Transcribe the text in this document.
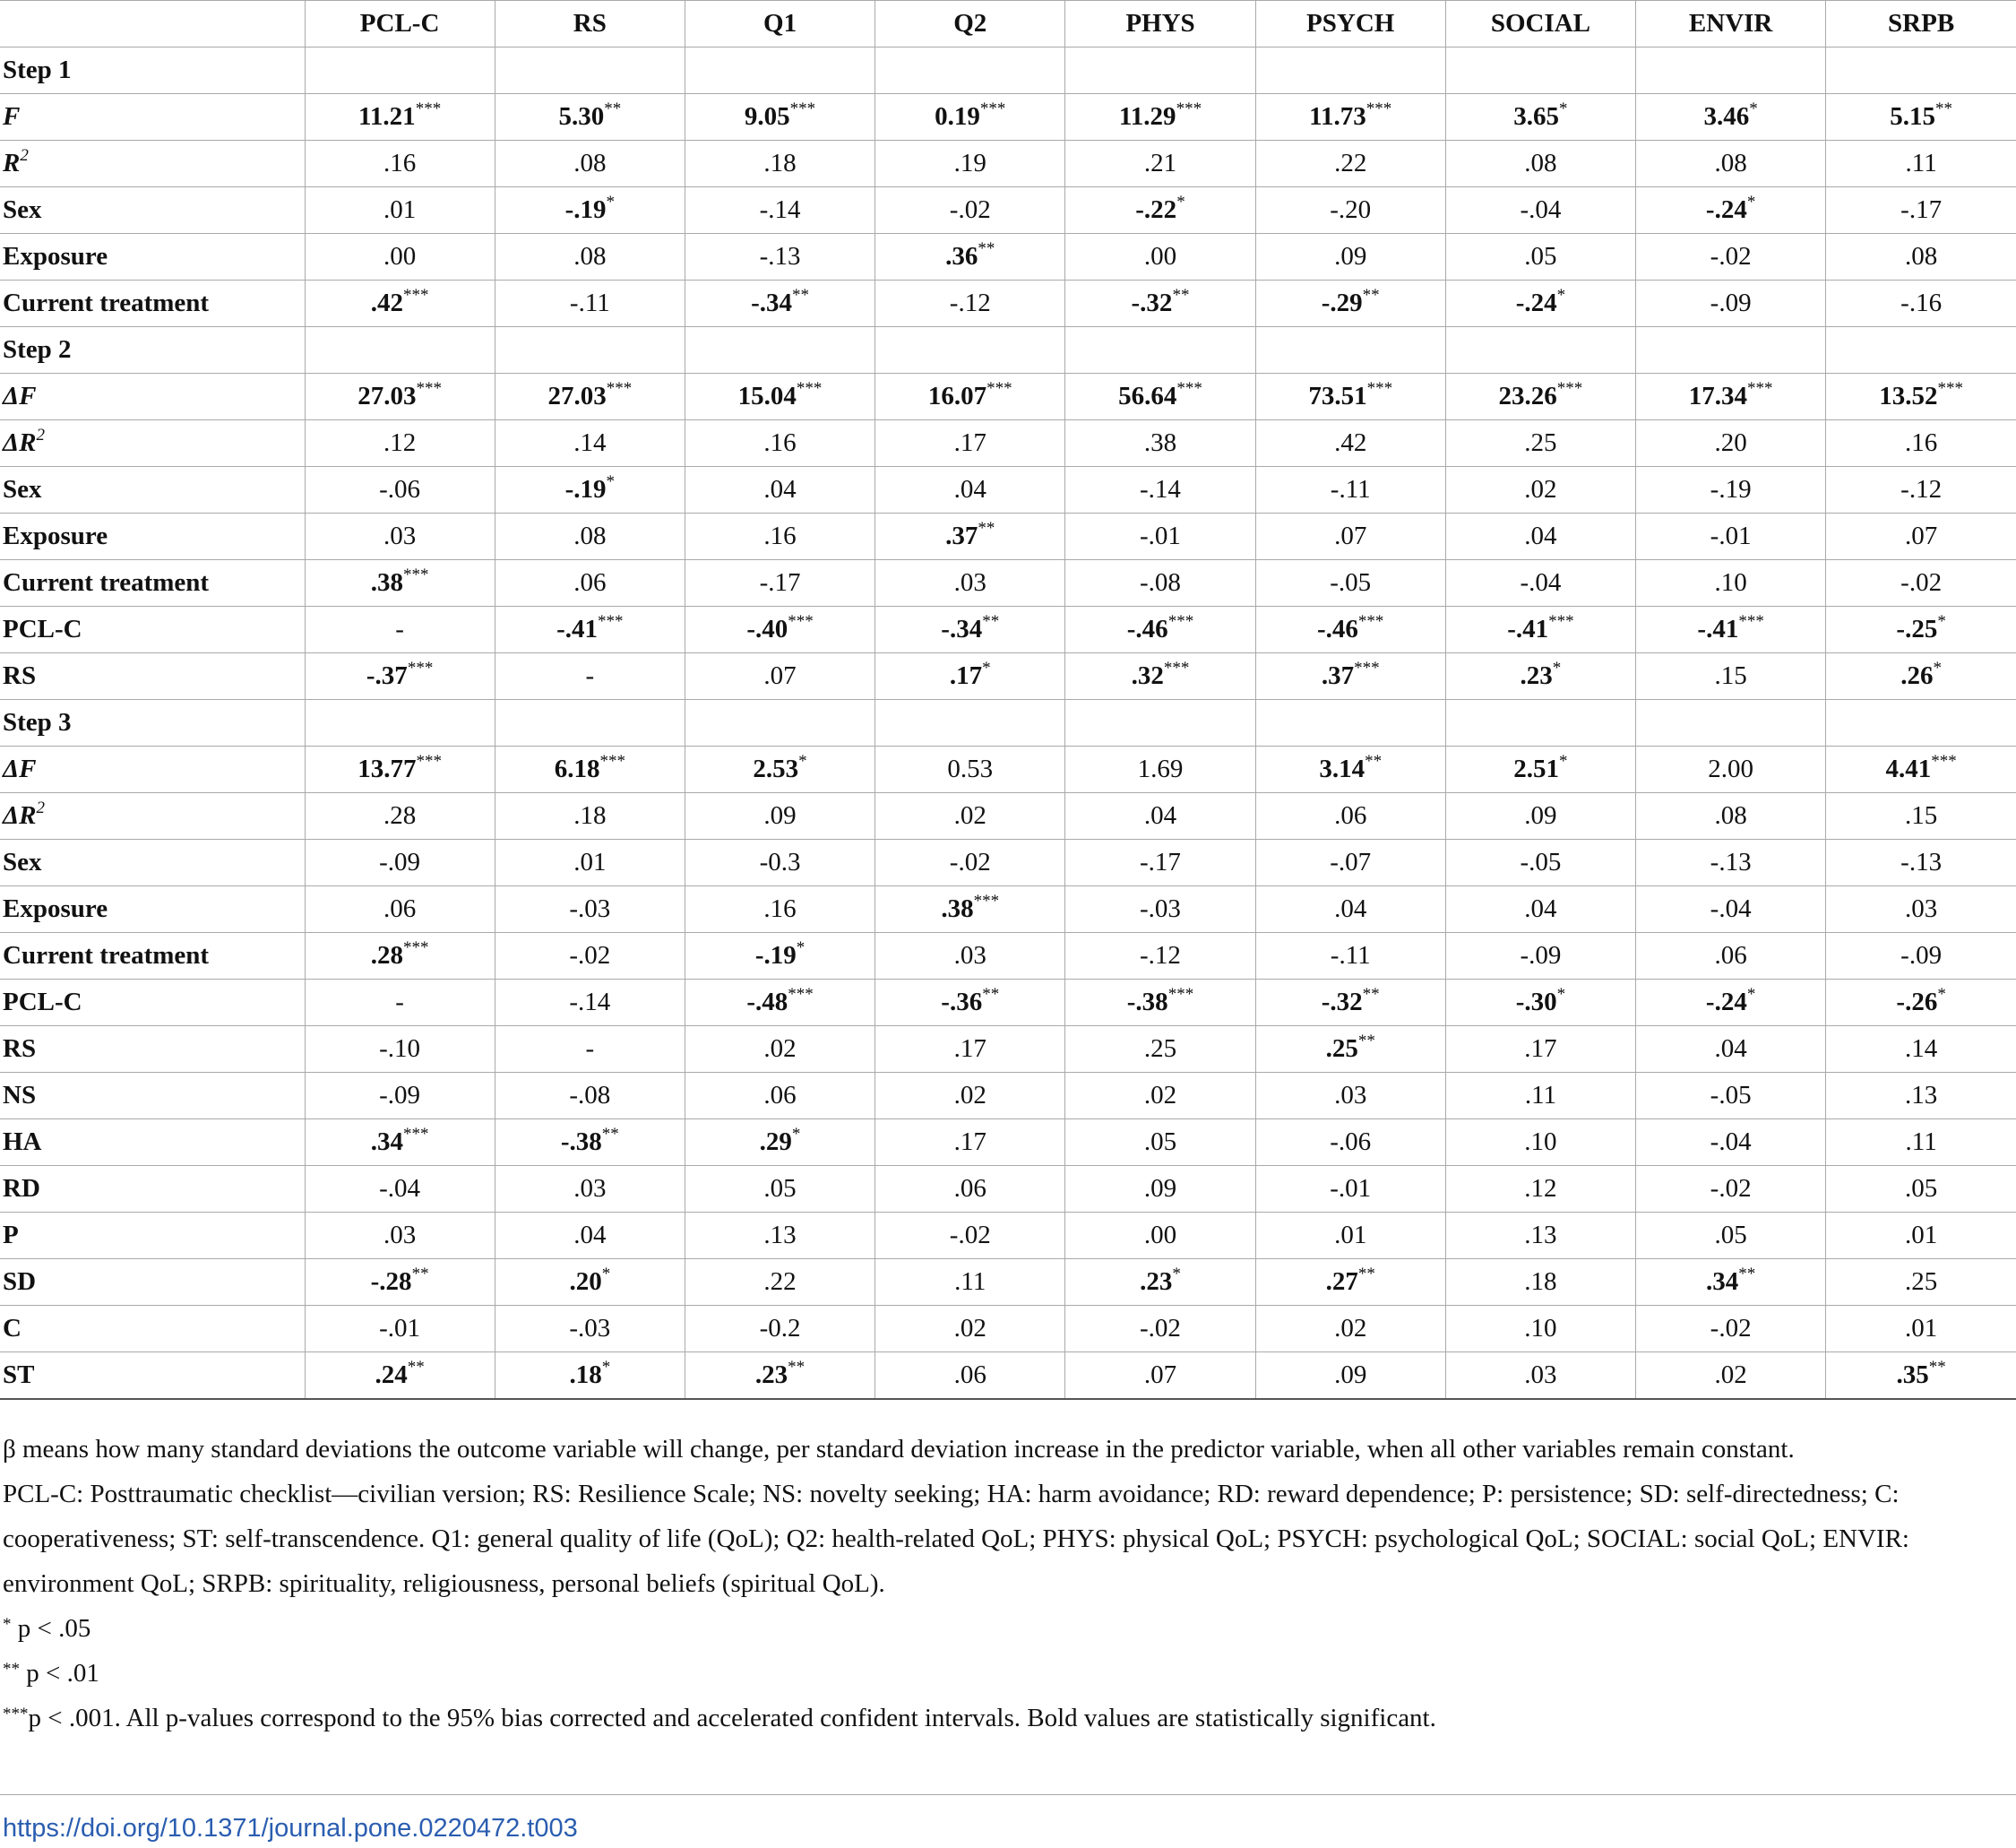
	PCL-C	RS	Q1	Q2	PHYS	PSYCH	SOCIAL	ENVIR	SRPB
Step 1									
F	11.21***	5.30**	9.05***	0.19***	11.29***	11.73***	3.65*	3.46*	5.15**
$R^2$	.16	.08	.18	.19	.21	.22	.08	.08	.11
Sex	.01	-.19*	-.14	-.02	-.22*	-.20	-.04	-.24*	-.17
Exposure	.00	.08	-.13	.36**	.00	.09	.05	-.02	.08
Current treatment	.42***	-.11	-.34**	-.12	-.32**	-.29**	-.24*	-.09	-.16
Step 2									
ΔF	27.03***	27.03***	15.04***	16.07***	56.64***	73.51***	23.26***	17.34***	13.52***
$\Delta R^2$	.12	.14	.16	.17	.38	.42	.25	.20	.16
Sex	-.06	-.19*	.04	.04	-.14	-.11	.02	-.19	-.12
Exposure	.03	.08	.16	.37**	-.01	.07	.04	-.01	.07
Current treatment	.38***	.06	-.17	.03	-.08	-.05	-.04	.10	-.02
PCL-C	-	-.41***	-.40***	-.34**	-.46***	-.46***	-.41***	-.41***	-.25*
RS	-.37***	-	.07	.17*	.32***	.37***	.23*	.15	.26*
Step 3									
ΔF	13.77***	6.18***	2.53*	0.53	1.69	3.14**	2.51*	2.00	4.41***
$\Delta R^2$	.28	.18	.09	.02	.04	.06	.09	.08	.15
Sex	-.09	.01	-0.3	-.02	-.17	-.07	-.05	-.13	-.13
Exposure	.06	-.03	.16	.38***	-.03	.04	.04	-.04	.03
Current treatment	.28***	-.02	-.19*	.03	-.12	-.11	-.09	.06	-.09
PCL-C	-	-.14	-.48***	-.36**	-.38***	-.32**	-.30*	-.24*	-.26*
RS	-.10	-	.02	.17	.25	.25**	.17	.04	.14
NS	-.09	-.08	.06	.02	.02	.03	.11	-.05	.13
HA	.34***	-.38**	.29*	.17	.05	-.06	.10	-.04	.11
RD	-.04	.03	.05	.06	.09	-.01	.12	-.02	.05
P	.03	.04	.13	-.02	.00	.01	.13	.05	.01
SD	-.28**	.20*	.22	.11	.23*	.27**	.18	.34**	.25
C	-.01	-.03	-0.2	.02	-.02	.02	.10	-.02	.01
ST	.24**	.18*	.23**	.06	.07	.09	.03	.02	.35**

β means how many standard deviations the outcome variable will change, per standard deviation increase in the predictor variable, when all other variables remain constant.

PCL-C: Posttraumatic checklist—civilian version; RS: Resilience Scale; NS: novelty seeking; HA: harm avoidance; RD: reward dependence; P: persistence; SD: self-directedness; C: cooperativeness; ST: self-transcendence. Q1: general quality of life (QoL); Q2: health-related QoL; PHYS: physical QoL; PSYCH: psychological QoL; SOCIAL: social QoL; ENVIR: environment QoL; SRPB: spirituality, religiousness, personal beliefs (spiritual QoL).

* p < .05

** p < .01

***p < .001. All p-values correspond to the 95% bias corrected and accelerated confident intervals. Bold values are statistically significant.

https://doi.org/10.1371/journal.pone.0220472.t003
